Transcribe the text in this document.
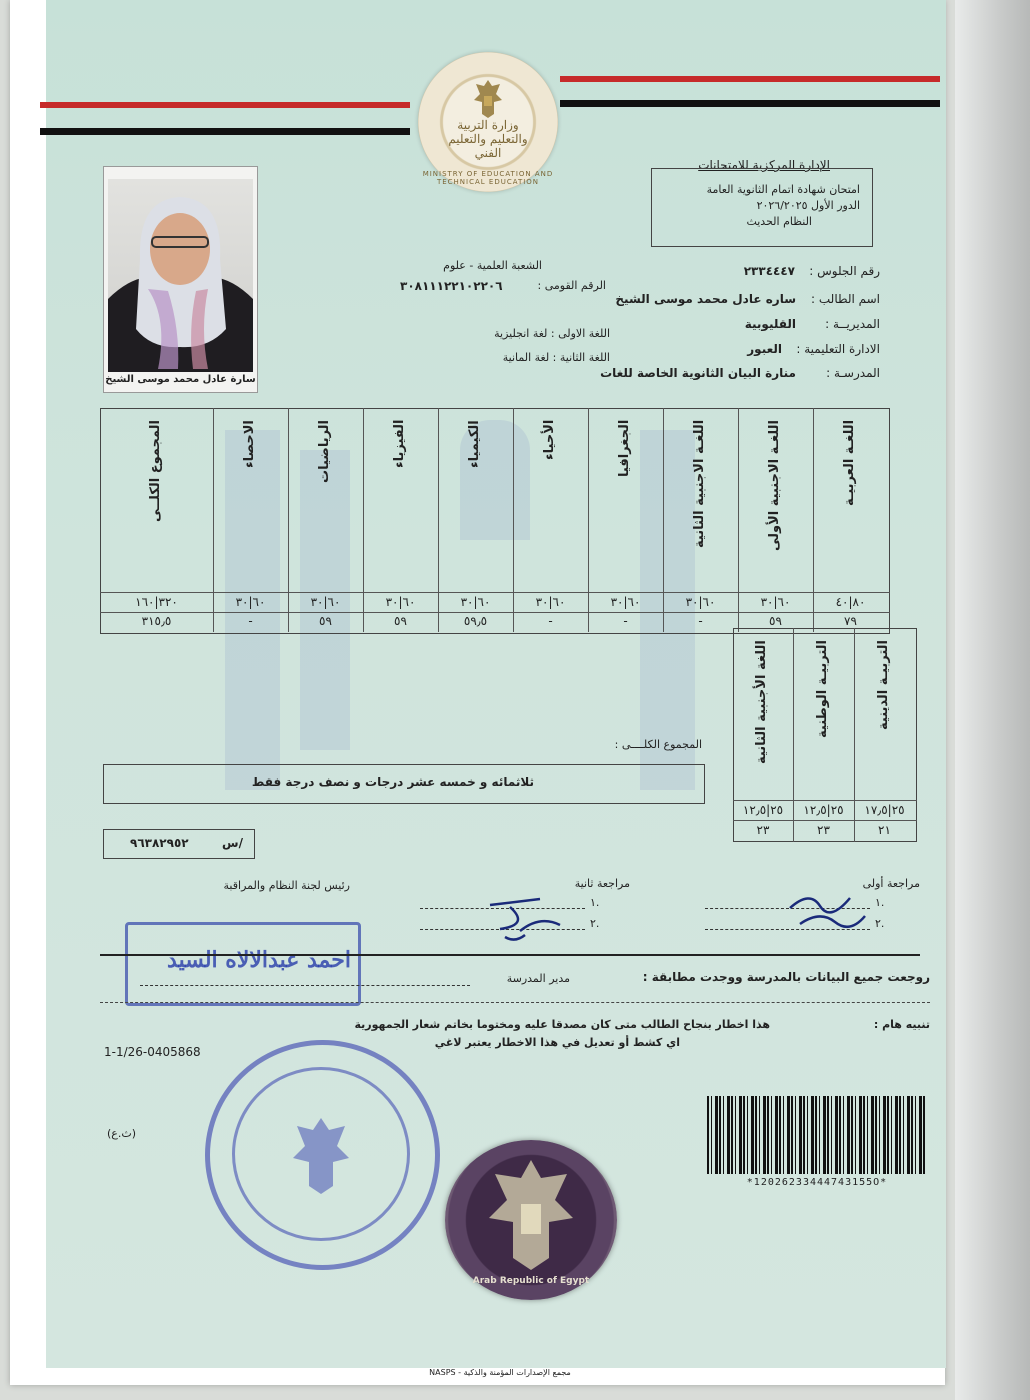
وزارة التربية والتعليم والتعليم الفني
MINISTRY OF EDUCATION AND TECHNICAL EDUCATION
الإدارة المركزية للامتحانات
امتحان شهادة اتمام الثانوية العامة
الدور الأول ٢٠٢٦/٢٠٢٥
النظام الحديث
سارة عادل محمد موسى الشيخ
الشعبة العلمية - علوم
الرقم القومى :
٣٠٨١١١٢٢١٠٢٢٠٦
اللغة الاولى : لغة انجليزية
اللغة الثانية : لغة المانية
رقم الجلوس :
٢٣٣٤٤٤٧
اسم الطالب :
ساره عادل محمد موسى الشيخ
المديريــة :
القليوبية
الادارة التعليمية :
العبور
المدرسـة :
منارة البيان الثانوية الخاصة للغات
اللغـة العربيـة
٨٠|٤٠
٧٩
اللغـة الاجنبية الأولى
٦٠|٣٠
٥٩
اللغـة الاجنبية الثانية
٦٠|٣٠
-
الجغرافيا
٦٠|٣٠
-
الأحياء
٦٠|٣٠
-
الكيمياء
٦٠|٣٠
٥٩٫٥
الفيزياء
٦٠|٣٠
٥٩
الرياضيات
٦٠|٣٠
٥٩
الاحصاء
٦٠|٣٠
-
المجموع الكلــى
٣٢٠|١٦٠
٣١٥٫٥
التربيـة الدينية
٢٥|١٧٫٥
٢١
التربيـة الوطنية
٢٥|١٢٫٥
٢٣
اللغة الأجنبية الثانية
٢٥|١٢٫٥
٢٣
المجموع الكلــــى :
ثلاثمائه و خمسه عشر درجات و نصف درجة فقط
٩٦٣٨٢٩٥٢	س/
مراجعة أولى
مراجعة ثانية
رئيس لجنة النظام والمراقبة
١.
٢.
١.
٢.
احمد عبدالالاه السيد
روجعت جميع البيانات بالمدرسة ووجدت مطابقة :
مدير المدرسة
تنبيه هام :
هذا اخطار بنجاح الطالب متى كان مصدقا عليه ومختوما بخاتم شعار الجمهورية
اي كشط أو تعديل في هذا الاخطار يعتبر لاغي
1-1/26-0405868
(ث.ع)
Arab Republic of Egypt
*12026233444743155O*
مجمع الإصدارات المؤمنة والذكية - NASPS
